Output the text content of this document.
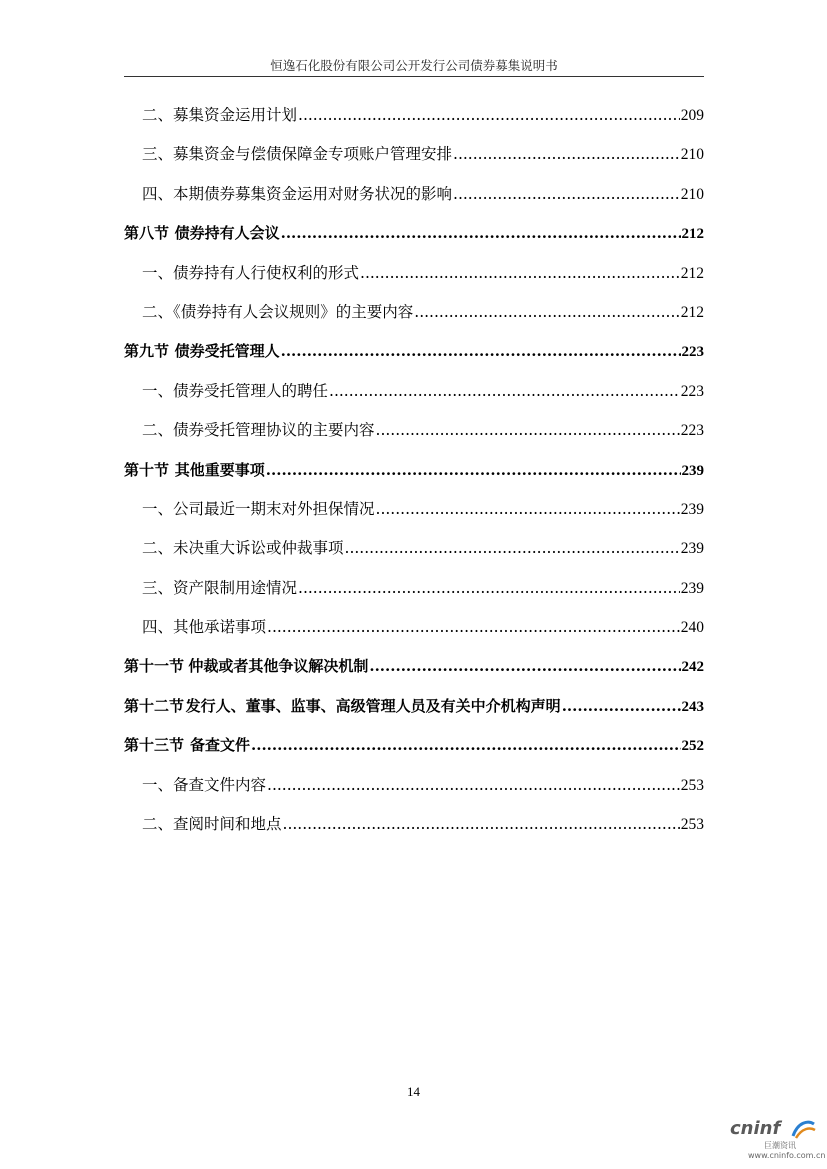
恒逸石化股份有限公司公开发行公司债券募集说明书
二、募集资金运用计划 .....	209
三、募集资金与偿债保障金专项账户管理安排 .....	210
四、本期债券募集资金运用对财务状况的影响 .....	210
第八节 债券持有人会议 .....	212
一、债券持有人行使权利的形式 .....	212
二、《债券持有人会议规则》的主要内容 .....	212
第九节 债券受托管理人 .....	223
一、债券受托管理人的聘任 .....	223
二、债券受托管理协议的主要内容 .....	223
第十节 其他重要事项 .....	239
一、公司最近一期末对外担保情况 .....	239
二、未决重大诉讼或仲裁事项 .....	239
三、资产限制用途情况 .....	239
四、其他承诺事项 .....	240
第十一节 仲裁或者其他争议解决机制 .....	242
第十二节 发行人、董事、监事、高级管理人员及有关中介机构声明 .....	243
第十三节 备查文件 .....	252
一、备查文件内容 .....	253
二、查阅时间和地点 .....	253
14
cninf
巨潮资讯
www.cninfo.com.cn
